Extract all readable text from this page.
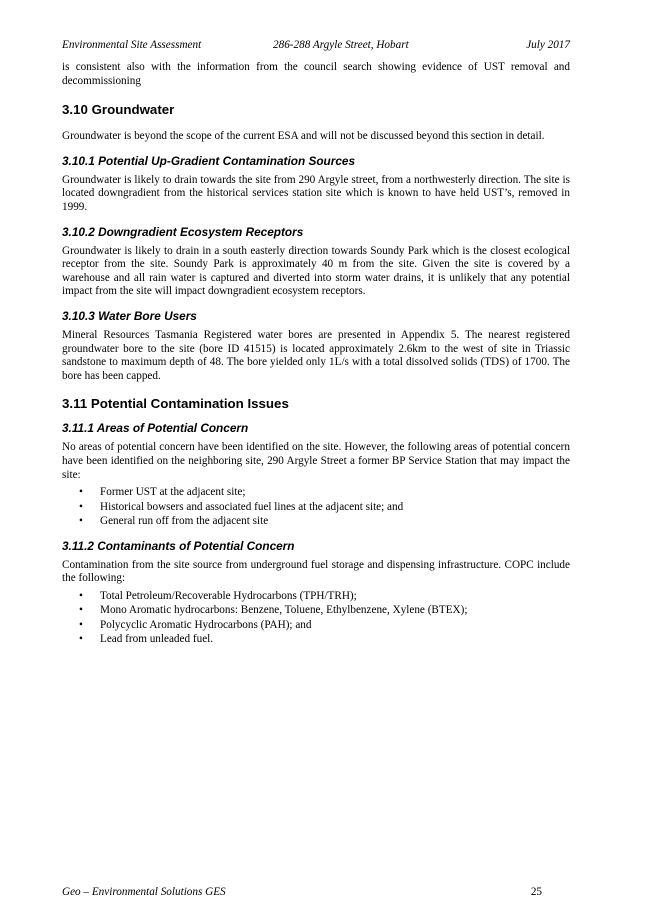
Environmental Site Assessment	286-288 Argyle Street, Hobart	July 2017

is consistent also with the information from the council search showing evidence of UST removal and decommissioning

3.10 Groundwater

Groundwater is beyond the scope of the current ESA and will not be discussed beyond this section in detail.

3.10.1 Potential Up-Gradient Contamination Sources

Groundwater is likely to drain towards the site from 290 Argyle street, from a northwesterly direction. The site is located downgradient from the historical services station site which is known to have held UST’s, removed in 1999.

3.10.2 Downgradient Ecosystem Receptors

Groundwater is likely to drain in a south easterly direction towards Soundy Park which is the closest ecological receptor from the site. Soundy Park is approximately 40 m from the site. Given the site is covered by a warehouse and all rain water is captured and diverted into storm water drains, it is unlikely that any potential impact from the site will impact downgradient ecosystem receptors.

3.10.3 Water Bore Users

Mineral Resources Tasmania Registered water bores are presented in Appendix 5. The nearest registered groundwater bore to the site (bore ID 41515) is located approximately 2.6km to the west of site in Triassic sandstone to maximum depth of 48. The bore yielded only 1L/s with a total dissolved solids (TDS) of 1700. The bore has been capped.

3.11 Potential Contamination Issues
3.11.1 Areas of Potential Concern

No areas of potential concern have been identified on the site. However, the following areas of potential concern have been identified on the neighboring site, 290 Argyle Street a former BP Service Station that may impact the site:

• Former UST at the adjacent site;
• Historical bowsers and associated fuel lines at the adjacent site; and
• General run off from the adjacent site
3.11.2 Contaminants of Potential Concern

Contamination from the site source from underground fuel storage and dispensing infrastructure. COPC include the following:

• Total Petroleum/Recoverable Hydrocarbons (TPH/TRH);
• Mono Aromatic hydrocarbons: Benzene, Toluene, Ethylbenzene, Xylene (BTEX);
• Polycyclic Aromatic Hydrocarbons (PAH); and
• Lead from unleaded fuel.
Geo – Environmental Solutions GES	25
